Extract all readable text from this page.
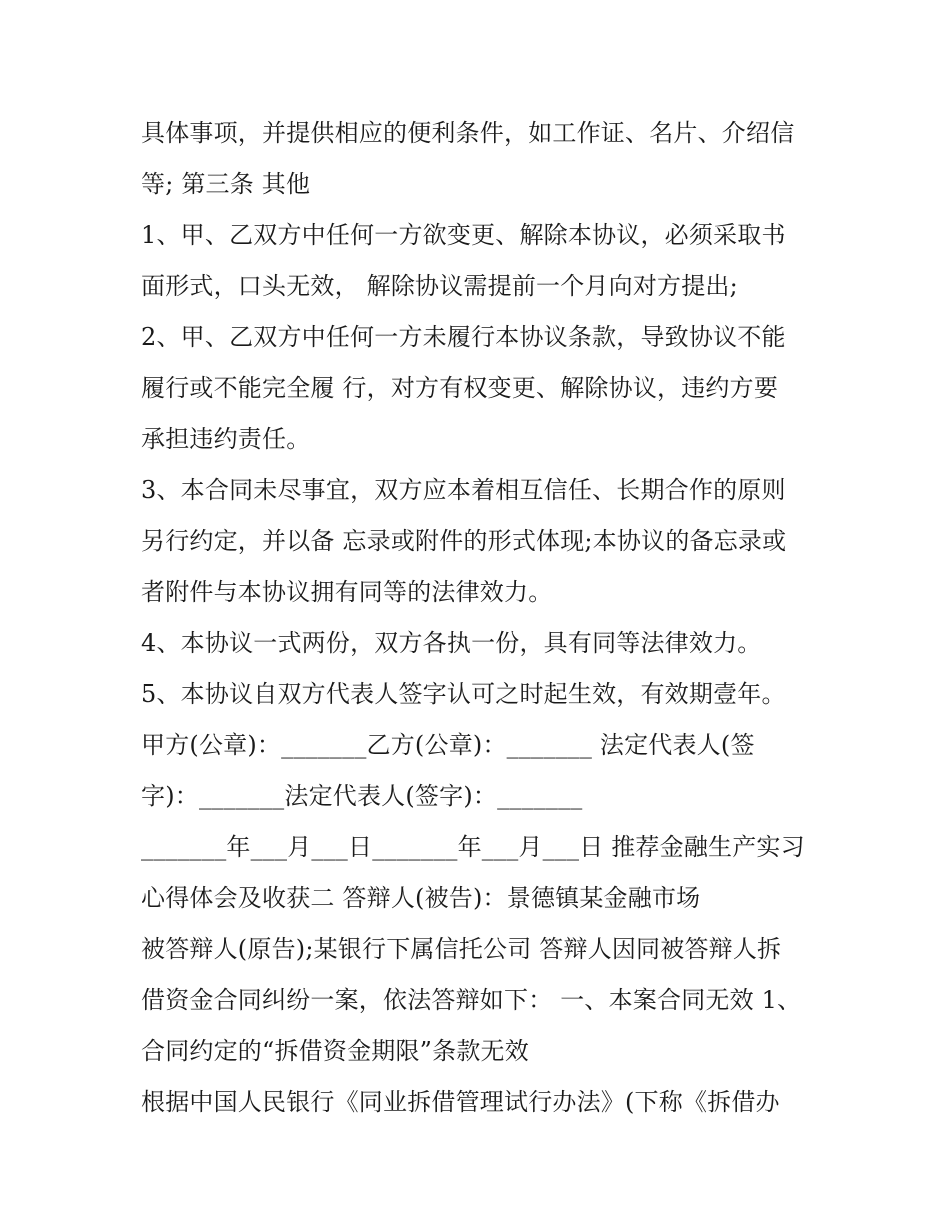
具体事项，并提供相应的便利条件，如工作证、名片、介绍信
等; 第三条 其他
1、甲、乙双方中任何一方欲变更、解除本协议，必须采取书
面形式，口头无效， 解除协议需提前一个月向对方提出;
2、甲、乙双方中任何一方未履行本协议条款，导致协议不能
履行或不能完全履 行，对方有权变更、解除协议，违约方要
承担违约责任。
3、本合同未尽事宜，双方应本着相互信任、长期合作的原则
另行约定，并以备 忘录或附件的形式体现;本协议的备忘录或
者附件与本协议拥有同等的法律效力。
4、本协议一式两份，双方各执一份，具有同等法律效力。
5、本协议自双方代表人签字认可之时起生效，有效期壹年。
甲方(公章)：_______乙方(公章)：_______ 法定代表人(签
字)：_______法定代表人(签字)：_______
_______年___月___日_______年___月___日 推荐金融生产实习
心得体会及收获二 答辩人(被告)：景德镇某金融市场
被答辩人(原告);某银行下属信托公司 答辩人因同被答辩人拆
借资金合同纠纷一案，依法答辩如下： 一、本案合同无效 1、
合同约定的“拆借资金期限”条款无效
根据中国人民银行《同业拆借管理试行办法》(下称《拆借办
